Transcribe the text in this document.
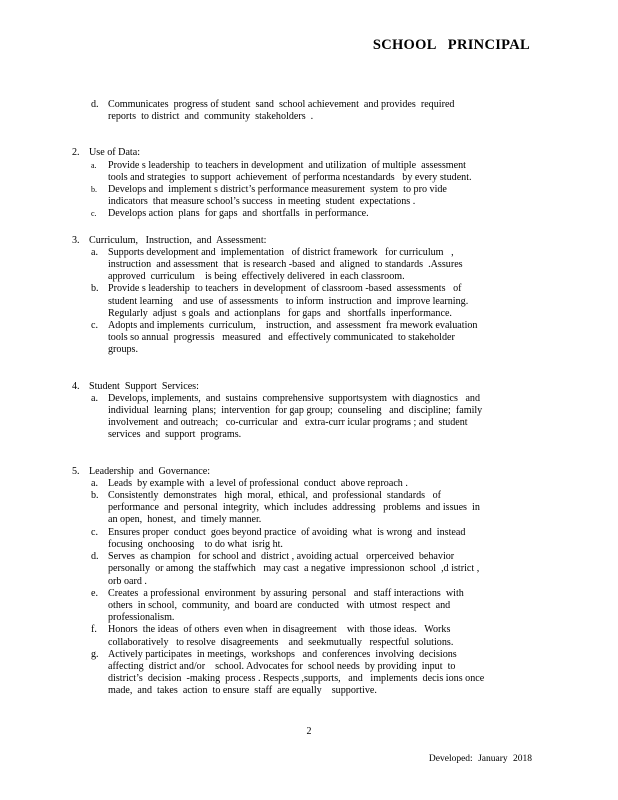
SCHOOL PRINCIPAL
d. Communicates  progress of student  sand  school achievement  and provides  required
reports  to district  and  community  stakeholders  .
2. Use of Data:
a. Provide s leadership  to teachers in development  and utilization  of multiple  assessment
tools and strategies  to support  achievement  of performa ncestandards   by every student.
b. Develops and  implement s district’s performance measurement  system  to pro vide
indicators  that measure school’s success  in meeting  student  expectations .
c. Develops action  plans  for gaps  and  shortfalls  in performance.
3. Curriculum,   Instruction,  and  Assessment:
a. Supports development and  implementation   of district framework   for curriculum   ,
instruction  and assessment  that  is research -based  and  aligned  to standards  .Assures
approved  curriculum    is being  effectively delivered  in each classroom.
b. Provide s leadership  to teachers  in development  of classroom -based  assessments   of
student learning    and use  of assessments   to inform  instruction  and  improve learning.
Regularly  adjust  s goals  and  actionplans   for gaps  and   shortfalls  inperformance.
c. Adopts and implements  curriculum,    instruction,  and  assessment  fra mework evaluation
tools so annual  progressis   measured   and  effectively communicated  to stakeholder
groups.
4. Student  Support  Services:
a. Develops, implements,  and  sustains  comprehensive  supportsystem  with diagnostics   and
individual  learning  plans;  intervention  for gap group;  counseling   and  discipline;  family
involvement  and outreach;   co-curricular  and   extra-curr icular programs ; and  student
services  and  support  programs.
5. Leadership  and  Governance:
a. Leads  by example with  a level of professional  conduct  above reproach .
b. Consistently  demonstrates   high  moral,  ethical,  and  professional  standards   of
performance  and  personal  integrity,  which  includes  addressing   problems  and issues  in
an open,  honest,  and  timely manner.
c. Ensures proper  conduct  goes beyond practice  of avoiding  what  is wrong  and  instead
focusing  onchoosing    to do what  isrig ht.
d. Serves  as champion   for school and  district , avoiding actual   orperceived  behavior
personally  or among  the staffwhich   may cast  a negative  impressionon  school  ,d istrict ,
orb oard .
e. Creates  a professional  environment  by assuring  personal   and  staff interactions  with
others  in school,  community,  and  board are  conducted   with  utmost  respect  and
professionalism.
f. Honors  the ideas  of others  even when  in disagreement    with  those ideas.   Works
collaboratively   to resolve  disagreements    and  seekmutually   respectful  solutions.
g. Actively participates  in meetings,  workshops   and  conferences  involving  decisions
affecting  district and/or    school. Advocates for  school needs  by providing  input  to
district’s  decision  -making  process . Respects ,supports,   and   implements  decis ions once
made,  and  takes  action  to ensure  staff  are equally    supportive.
2
Developed: January 2018
